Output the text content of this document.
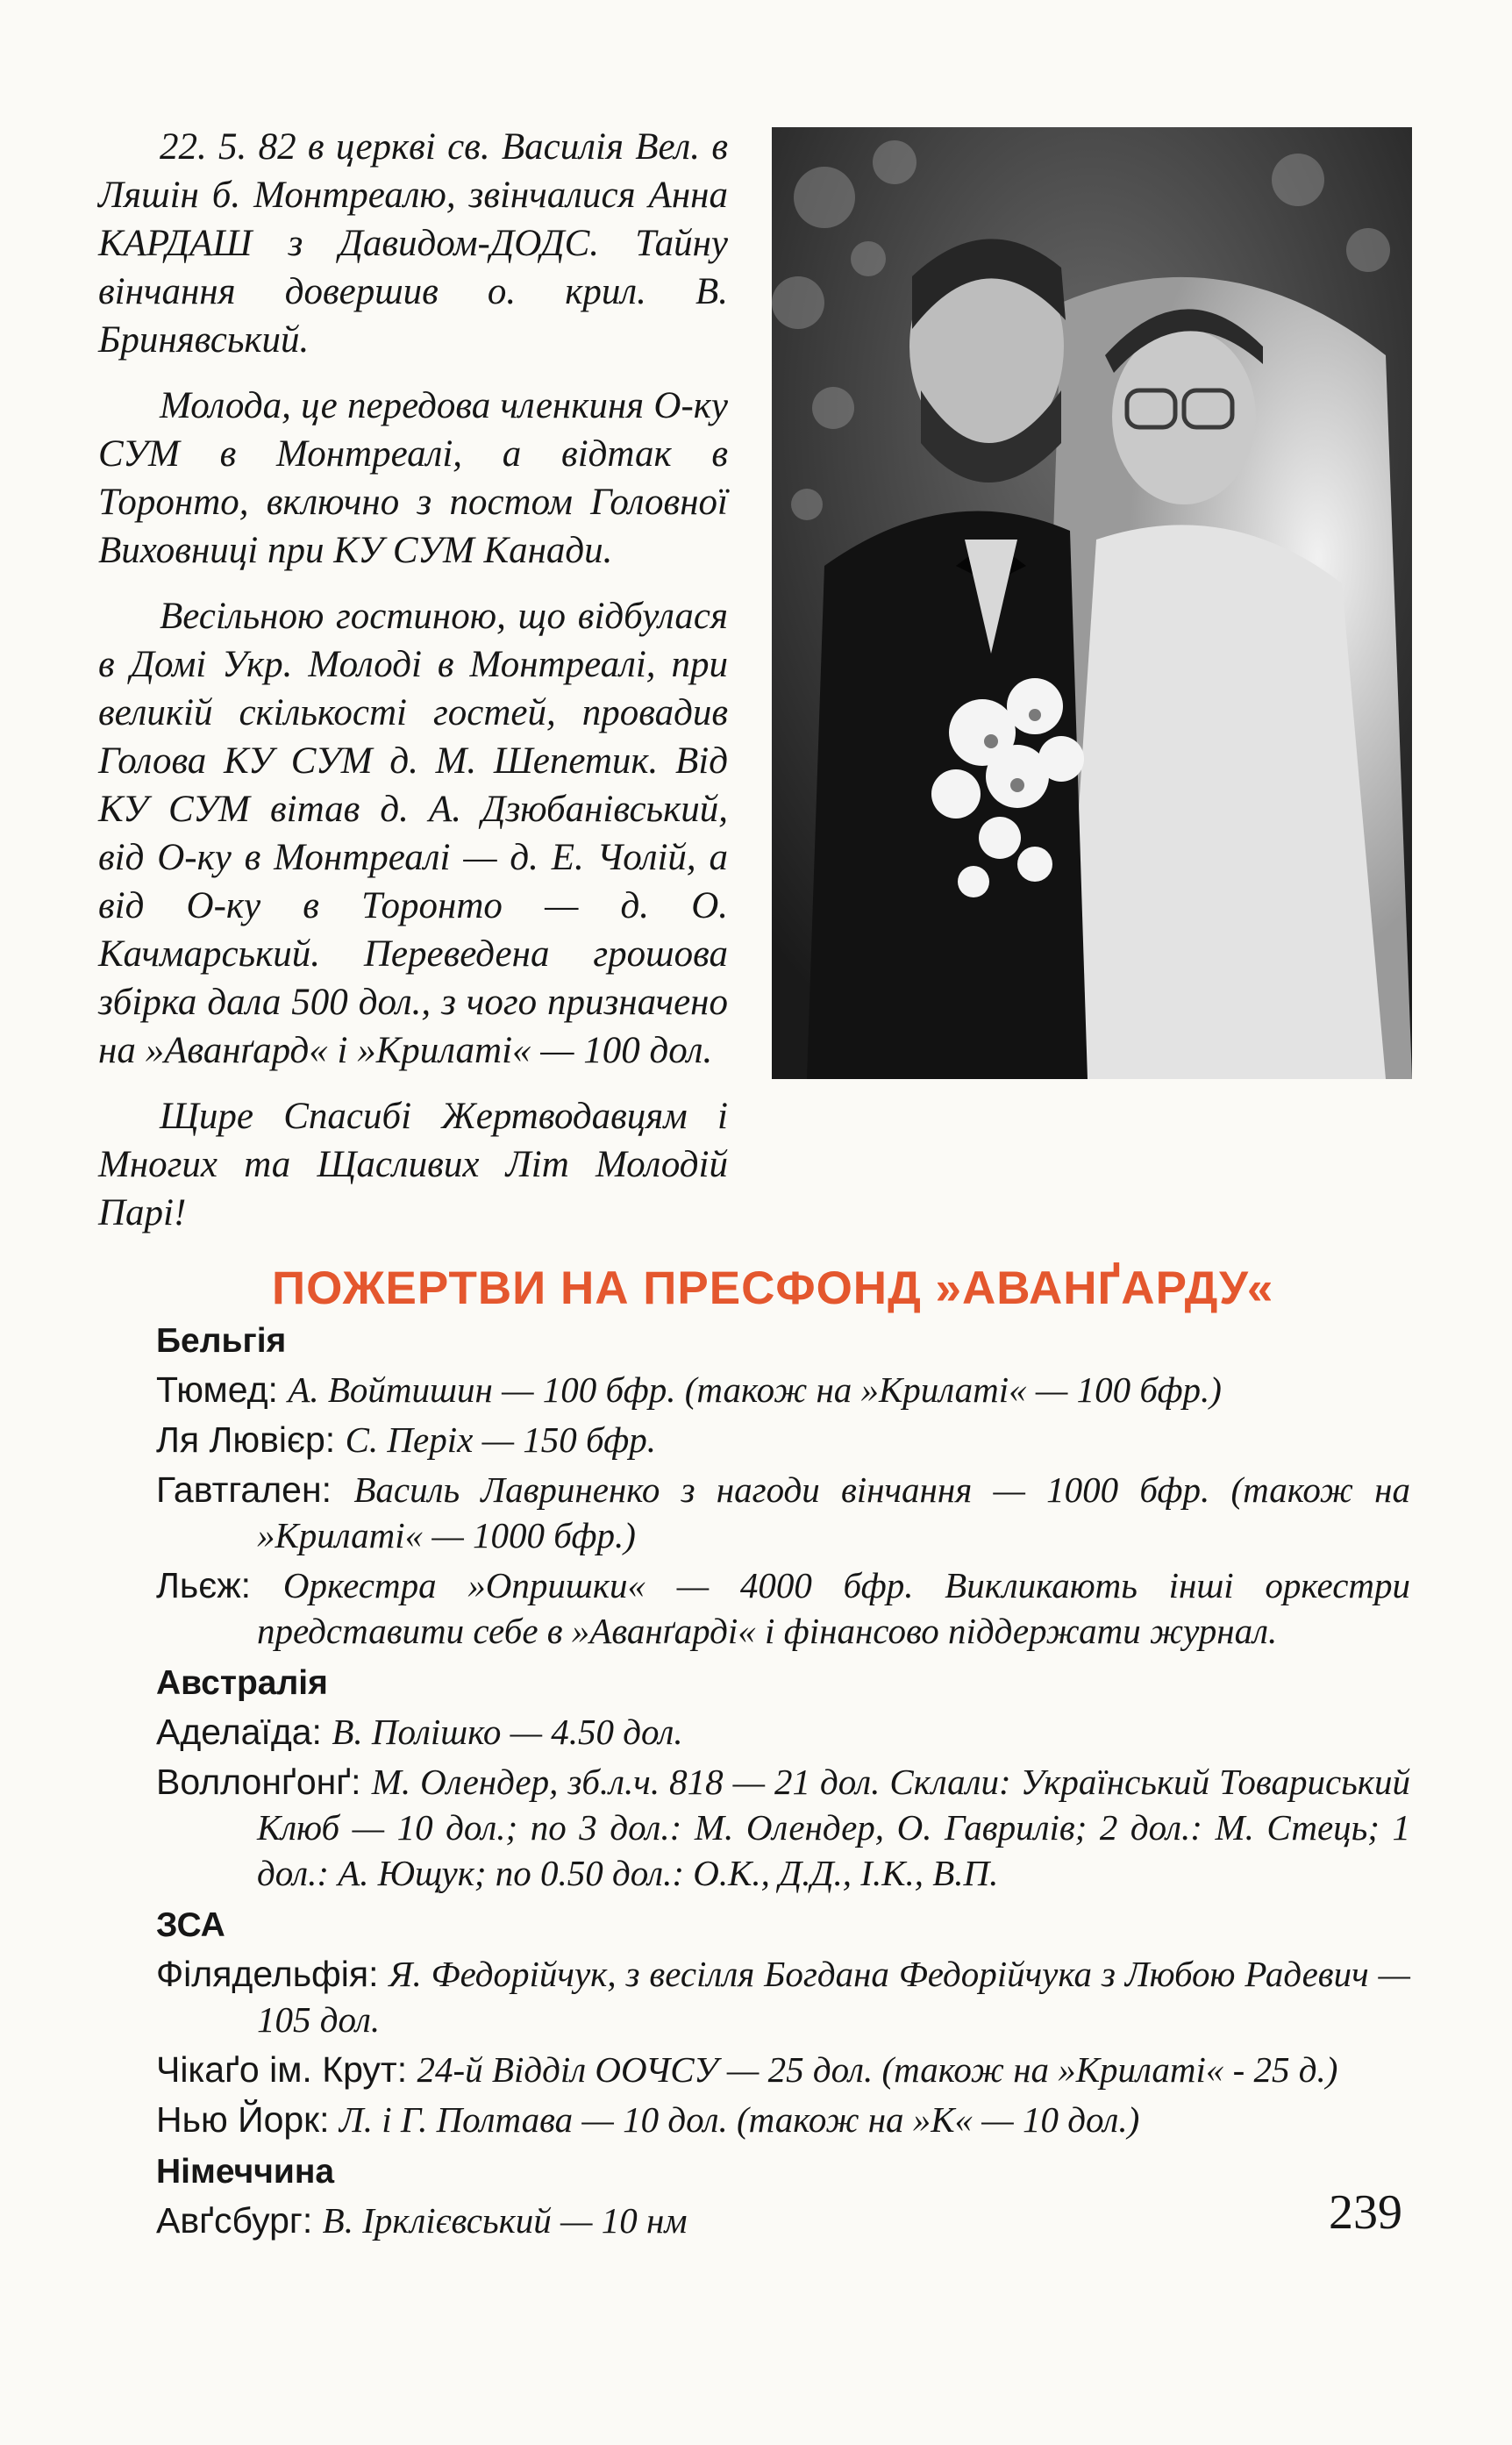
22. 5. 82 в церкві св. Василія Вел. в Ляшін б. Монтреалю, звінчалися Анна КАРДАШ з Давидом-ДОДС. Тайну вінчання довершив о. крил. В. Бринявський.

Молода, це передова членкиня О-ку СУМ в Монтреалі, а відтак в Торонто, включно з постом Головної Виховниці при КУ СУМ Канади.

Весільною гостиною, що відбулася в Домі Укр. Молоді в Монтреалі, при великій скількості гостей, провадив Голова КУ СУМ д. М. Шепетик. Від КУ СУМ вітав д. А. Дзюбанівський, від О-ку в Монтреалі — д. Е. Чолій, а від О-ку в Торонто — д. О. Качмарський. Переведена грошова збірка дала 500 дол., з чого призначено на »Аванґард« і »Крилаті« — 100 дол.

Щире Спасибі Жертводавцям і Многих та Щасливих Літ Молодій Парі!

ПОЖЕРТВИ НА ПРЕСФОНД »АВАНҐАРДУ«
Бельгія
Тюмед: А. Войтишин — 100 бфр. (також на »Крилаті« — 100 бфр.)
Ля Лювієр: С. Періх — 150 бфр.
Гавтгален: Василь Лавриненко з нагоди вінчання — 1000 бфр. (також на »Крилаті« — 1000 бфр.)
Льєж: Оркестра »Опришки« — 4000 бфр. Викликають інші оркестри представити себе в »Аванґарді« і фінансово піддержати журнал.
Австралія
Аделаїда: В. Полішко — 4.50 дол.
Воллонґонґ: М. Олендер, зб.л.ч. 818 — 21 дол. Склали: Український Товариський Клюб — 10 дол.; по 3 дол.: М. Олендер, О. Гаврилів; 2 дол.: М. Стець; 1 дол.: А. Ющук; по 0.50 дол.: О.К., Д.Д., І.К., В.П.
ЗСА
Філядельфія: Я. Федорійчук, з весілля Богдана Федорійчука з Любою Радевич — 105 дол.
Чікаґо ім. Крут: 24-й Відділ ООЧСУ — 25 дол. (також на »Крилаті« - 25 д.)
Нью Йорк: Л. і Г. Полтава — 10 дол. (також на »К« — 10 дол.)
Німеччина
Авґсбург: В. Ірклієвський — 10 нм	239
